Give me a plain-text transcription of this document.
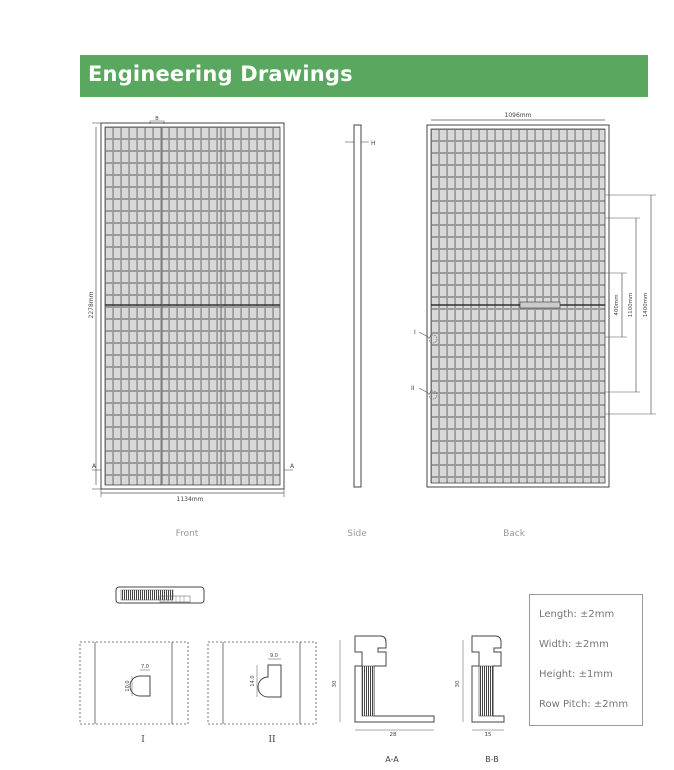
Engineering Drawings
2278mm
1134mm
B
A	A
Front
H
Side
1096mm
400mm 1100mm 1400mm
I
II
Back
7.0
10.0
I
9.0
14.0
II
30
28
A-A
30
15
B-B
Length: ±2mm
Width: ±2mm
Height: ±1mm
Row Pitch: ±2mm
